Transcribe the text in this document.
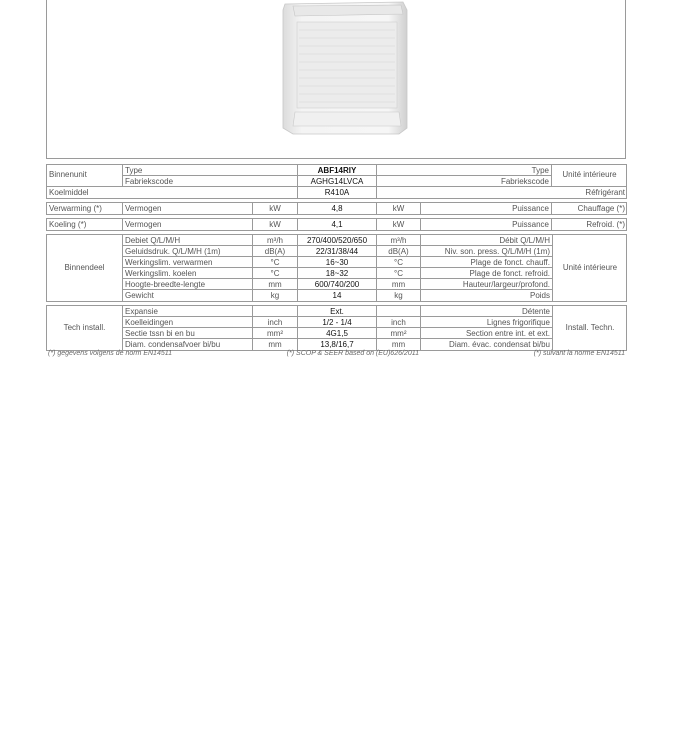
Binnenunit	Type	ABF14RIY	Type	Unité intérieure
Fabriekscode	AGHG14LVCA	Fabriekscode
Koelmiddel	R410A	Réfrigérant
Verwarming (*)	Vermogen	kW	4,8	kW	Puissance	Chauffage (*)
Koeling (*)	Vermogen	kW	4,1	kW	Puissance	Refroid. (*)
Binnendeel	Unité intérieure
Debiet Q/L/M/H	m³/h	270/400/520/650	m³/h	Débit Q/L/M/H
Geluidsdruk. Q/L/M/H (1m)	dB(A)	22/31/38/44	dB(A)	Niv. son. press. Q/L/M/H (1m)
Werkingslim. verwarmen	°C	16~30	°C	Plage de fonct. chauff.
Werkingslim. koelen	°C	18~32	°C	Plage de fonct. refroid.
Hoogte-breedte-lengte	mm	600/740/200	mm	Hauteur/largeur/profond.
Gewicht	kg	14	kg	Poids
Tech install.	Install. Techn.
Expansie	Ext.	Détente
Koelleidingen	inch	1/2 - 1/4	inch	Lignes frigorifique
Sectie tssn bi en bu	mm²	4G1,5	mm²	Section entre int. et ext.
Diam. condensafvoer bi/bu	mm	13,8/16,7	mm	Diam. évac. condensat bi/bu
(*) gegevens volgens de norm EN14511	(*) SCOP & SEER based on (EU)626/2011	(*) suivant la norme EN14511
